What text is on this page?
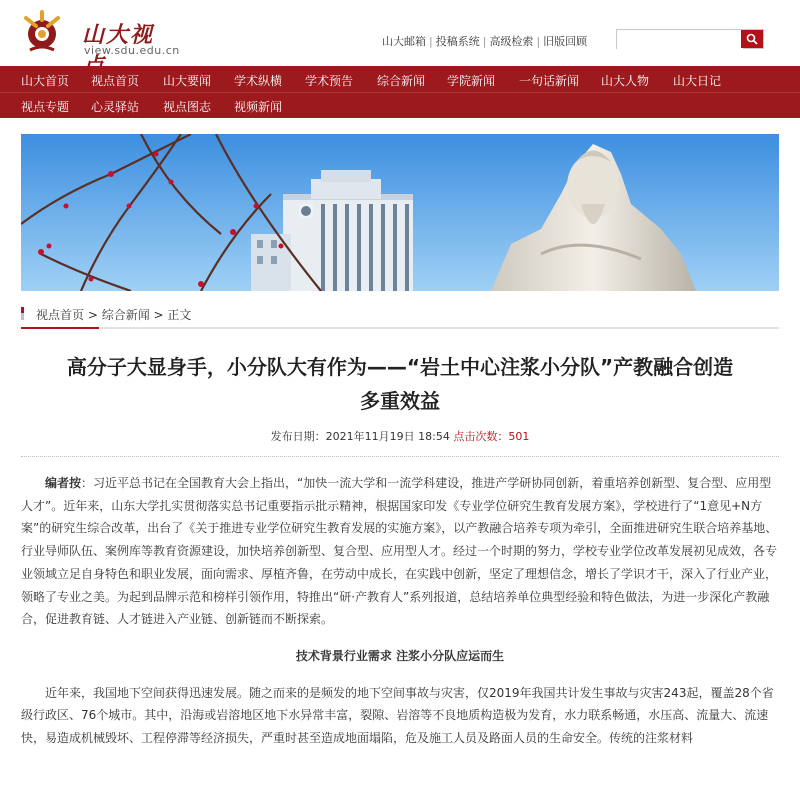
山大视
view.sdu.edu.cn
山大邮箱 | 投稿系统 | 高级检索 | 旧版回顾
山大首页 视点首页 山大要闻 学术纵横 学术预告 综合新闻 学院新闻 一句话新闻 山大人物 山大日记
视点专题 心灵驿站 视点图志 视频新闻
视点首页 > 综合新闻 > 正文
高分子大显身手，小分队大有作为——“岩土中心注浆小分队”产教融合创造
多重效益
发布日期：2021年11月19日 18:54 点击次数：501

编者按：习近平总书记在全国教育大会上指出，“加快一流大学和一流学科建设，推进产学研协同创新，着重培养创新型、复合型、应用型人才”。近年来，山东大学扎实贯彻落实总书记重要指示批示精神，根据国家印发《专业学位研究生教育发展方案》，学校进行了“1意见+N方案”的研究生综合改革，出台了《关于推进专业学位研究生教育发展的实施方案》，以产教融合培养专项为牵引，全面推进研究生联合培养基地、行业导师队伍、案例库等教育资源建设，加快培养创新型、复合型、应用型人才。经过一个时期的努力，学校专业学位改革发展初见成效，各专业领域立足自身特色和职业发展，面向需求、厚植齐鲁，在劳动中成长，在实践中创新，坚定了理想信念，增长了学识才干，深入了行业产业，领略了专业之美。为起到品牌示范和榜样引领作用，特推出“研·产教育人”系列报道，总结培养单位典型经验和特色做法，为进一步深化产教融合，促进教育链、人才链进入产业链、创新链而不断探索。

技术背景行业需求 注浆小分队应运而生

近年来，我国地下空间获得迅速发展。随之而来的是频发的地下空间事故与灾害，仅2019年我国共计发生事故与灾害243起，覆盖28个省级行政区、76个城市。其中，沿海或岩溶地区地下水异常丰富，裂隙、岩溶等不良地质构造极为发育，水力联系畅通，水压高、流量大、流速快，易造成机械毁坏、工程停滞等经济损失，严重时甚至造成地面塌陷，危及施工人员及路面人员的生命安全。传统的注浆材料
